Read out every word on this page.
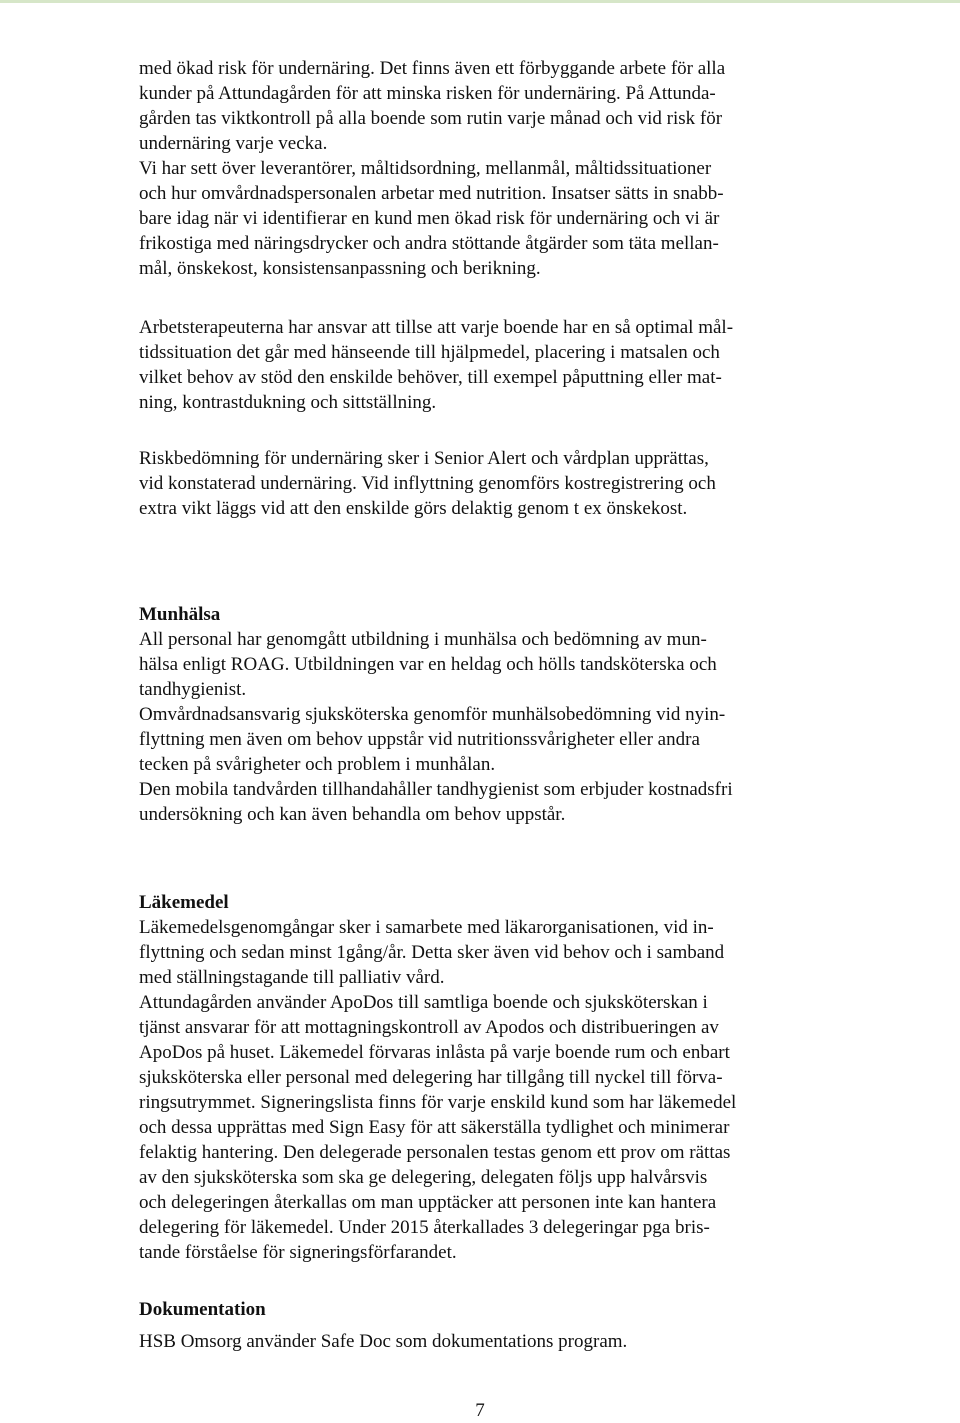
med ökad risk för undernäring. Det finns även ett förbyggande arbete för alla
kunder på Attundagården för att minska risken för undernäring. På Attunda-
gården tas viktkontroll på alla boende som rutin varje månad och vid risk för
undernäring varje vecka.
Vi har sett över leverantörer, måltidsordning, mellanmål, måltidssituationer
och hur omvårdnadspersonalen arbetar med nutrition. Insatser sätts in snabb-
bare idag när vi identifierar en kund men ökad risk för undernäring och vi är
frikostiga med näringsdrycker och andra stöttande åtgärder som täta mellan-
mål, önskekost, konsistensanpassning och berikning.
Arbetsterapeuterna har ansvar att tillse att varje boende har en så optimal mål-
tidssituation det går med hänseende till hjälpmedel, placering i matsalen och
vilket behov av stöd den enskilde behöver, till exempel påputtning eller mat-
ning, kontrastdukning och sittställning.
Riskbedömning för undernäring sker i Senior Alert och vårdplan upprättas,
vid konstaterad undernäring. Vid inflyttning genomförs kostregistrering och
extra vikt läggs vid att den enskilde görs delaktig genom t ex önskekost.
Munhälsa
All personal har genomgått utbildning i munhälsa och bedömning av mun-
hälsa enligt ROAG. Utbildningen var en heldag och hölls tandsköterska och
tandhygienist.
Omvårdnadsansvarig sjuksköterska genomför munhälsobedömning vid nyin-
flyttning men även om behov uppstår vid nutritionssvårigheter eller andra
tecken på svårigheter och problem i munhålan.
Den mobila tandvården tillhandahåller tandhygienist som erbjuder kostnadsfri
undersökning och kan även behandla om behov uppstår.
Läkemedel
Läkemedelsgenomgångar sker i samarbete med läkarorganisationen, vid in-
flyttning och sedan minst 1gång/år. Detta sker även vid behov och i samband
med ställningstagande till palliativ vård.
Attundagården använder ApoDos till samtliga boende och sjuksköterskan i
tjänst ansvarar för att mottagningskontroll av Apodos och distribueringen av
ApoDos på huset. Läkemedel förvaras inlåsta på varje boende rum och enbart
sjuksköterska eller personal med delegering har tillgång till nyckel till förva-
ringsutrymmet. Signeringslista finns för varje enskild kund som har läkemedel
och dessa upprättas med Sign Easy för att säkerställa tydlighet och minimerar
felaktig hantering. Den delegerade personalen testas genom ett prov om rättas
av den sjuksköterska som ska ge delegering, delegaten följs upp halvårsvis
och delegeringen återkallas om man upptäcker att personen inte kan hantera
delegering för läkemedel. Under 2015 återkallades 3 delegeringar pga bris-
tande förståelse för signeringsförfarandet.
Dokumentation
HSB Omsorg använder Safe Doc som dokumentations program.
7
